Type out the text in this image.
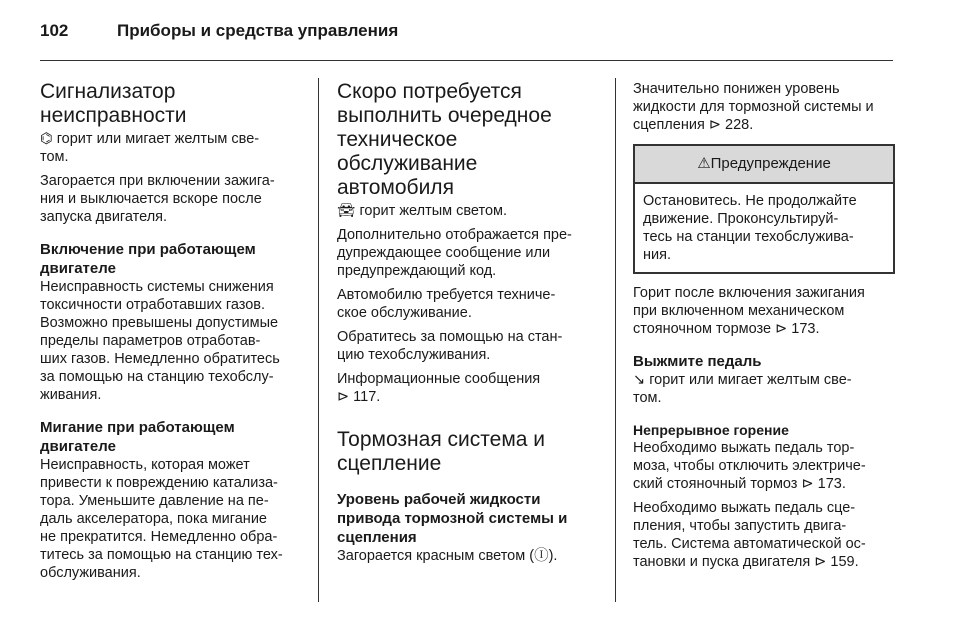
102	Приборы и средства управления
Сигнализатор
неисправности
⌬ горит или мигает желтым све-
том.
Загорается при включении зажига-
ния и выключается вскоре после
запуска двигателя.
Включение при работающем
двигателе
Неисправность системы снижения
токсичности отработавших газов.
Возможно превышены допустимые
пределы параметров отработав-
ших газов. Немедленно обратитесь
за помощью на станцию техобслу-
живания.
Мигание при работающем
двигателе
Неисправность, которая может
привести к повреждению катализа-
тора. Уменьшите давление на пе-
даль акселератора, пока мигание
не прекратится. Немедленно обра-
титесь за помощью на станцию тех-
обслуживания.
Скоро потребуется
выполнить очередное
техническое
обслуживание
автомобиля
🚘︎ горит желтым светом.
Дополнительно отображается пре-
дупреждающее сообщение или
предупреждающий код.
Автомобилю требуется техниче-
ское обслуживание.
Обратитесь за помощью на стан-
цию техобслуживания.
Информационные сообщения
⊳ 117.
Тормозная система и
сцепление
Уровень рабочей жидкости
привода тормозной системы и
сцепления
Загорается красным светом (Ⓘ).
Значительно понижен уровень
жидкости для тормозной системы и
сцепления ⊳ 228.
⚠Предупреждение
Остановитесь. Не продолжайте
движение. Проконсультируй-
тесь на станции техобслужива-
ния.
Горит после включения зажигания
при включенном механическом
стояночном тормозе ⊳ 173.
Выжмите педаль
↘ горит или мигает желтым све-
том.
Непрерывное горение
Необходимо выжать педаль тор-
моза, чтобы отключить электриче-
ский стояночный тормоз ⊳ 173.
Необходимо выжать педаль сце-
пления, чтобы запустить двига-
тель. Система автоматической ос-
тановки и пуска двигателя ⊳ 159.
